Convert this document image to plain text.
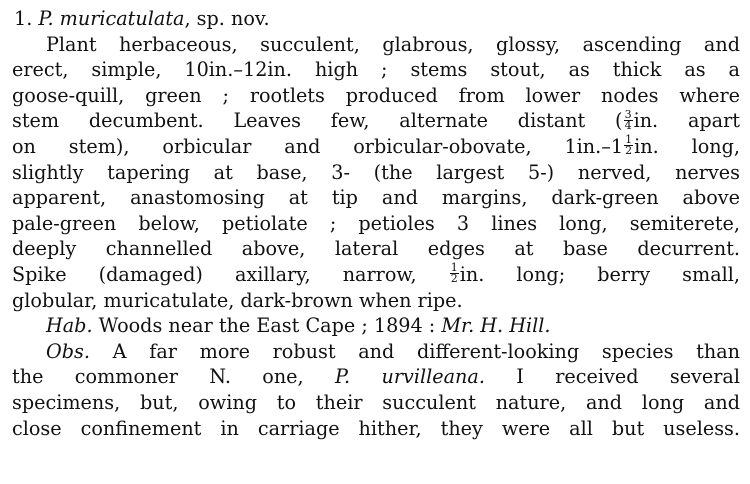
1. P. muricatulata, sp. nov.
Plant herbaceous, succulent, glabrous, glossy, ascending and
erect, simple, 10in.–12in. high ; stems stout, as thick as a
goose-quill, green ; rootlets produced from lower nodes where
stem decumbent. Leaves few, alternate distant ( $\frac{3}{4}$ in. apart
on stem), orbicular and orbicular-obovate, $1in.-1 \frac{1}{2}$ in. long,
slightly tapering at base, 3- (the largest 5-) nerved, nerves
apparent, anastomosing at tip and margins, dark-green above
pale-green below, petiolate ; petioles 3 lines long, semiterete,
deeply channelled above, lateral edges at base decurrent.
Spike (damaged) axillary, narrow,	$\frac{1}{2}$ in. long; berry small,
globular, muricatulate, dark-brown when ripe.
Hab. Woods near the East Cape ; 1894 : Mr. H. Hill.
Obs. A far more robust and different-looking species than
the commoner N. one, P. urvilleana. I received several
specimens, but, owing to their succulent nature, and long and
close confinement in carriage hither, they were all but useless.
